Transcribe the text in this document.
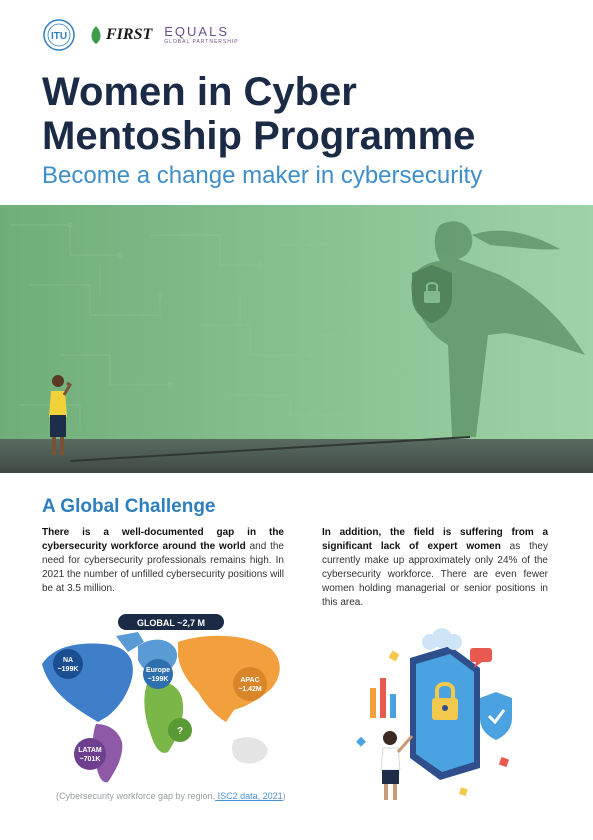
ITU FIRST EQUALS
GLOBAL PARTNERSHIP
Women in Cyber
Mentoship Programme

Become a change maker in cybersecurity

A Global Challenge

There is a well-documented gap in the cybersecurity workforce around the world and the need for cybersecurity professionals remains high. In 2021 the number of unfilled cybersecurity positions will be at 3.5 million.

In addition, the field is suffering from a significant lack of expert women as they currently make up approximately only 24% of the cybersecurity workforce. There are even fewer women holding managerial or senior positions in this area.

GLOBAL ~2,7 M
NA
~199K	Europe
~199K	APAC
~1.42M
LATAM
~701K
?

(Cybersecurity workforce gap by region, ISC2 data, 2021)
